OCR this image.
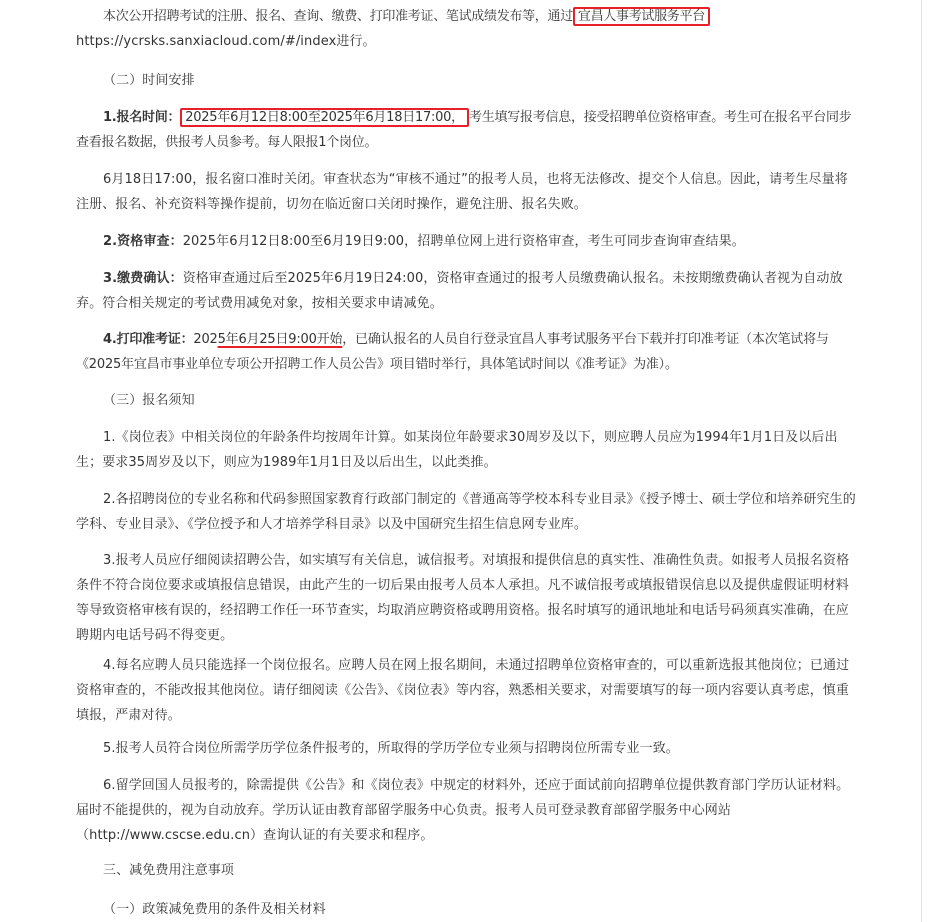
本次公开招聘考试的注册、报名、查询、缴费、打印准考证、笔试成绩发布等，通过 宜昌人事考试服务平台

https://ycrsks.sanxiacloud.com/#/index进行。

（二）时间安排

1.报名时间： 2025年6月12日8:00至2025年6月18日17:00， 考生填写报考信息，接受招聘单位资格审查。考生可在报名平台同步查看报名数据，供报考人员参考。每人限报1个岗位。

6月18日17:00，报名窗口准时关闭。审查状态为“审核不通过”的报考人员，也将无法修改、提交个人信息。因此，请考生尽量将注册、报名、补充资料等操作提前，切勿在临近窗口关闭时操作，避免注册、报名失败。

2.资格审查：2025年6月12日8:00至6月19日9:00，招聘单位网上进行资格审查，考生可同步查询审查结果。

3.缴费确认：资格审查通过后至2025年6月19日24:00，资格审查通过的报考人员缴费确认报名。未按期缴费确认者视为自动放弃。符合相关规定的考试费用减免对象，按相关要求申请减免。

4.打印准考证：2025年6月25日9:00开始，已确认报名的人员自行登录宜昌人事考试服务平台下载并打印准考证（本次笔试将与《2025年宜昌市事业单位专项公开招聘工作人员公告》项目错时举行，具体笔试时间以《准考证》为准）。

（三）报名须知

1.《岗位表》中相关岗位的年龄条件均按周年计算。如某岗位年龄要求30周岁及以下，则应聘人员应为1994年1月1日及以后出生；要求35周岁及以下，则应为1989年1月1日及以后出生，以此类推。

2.各招聘岗位的专业名称和代码参照国家教育行政部门制定的《普通高等学校本科专业目录》《授予博士、硕士学位和培养研究生的学科、专业目录》、《学位授予和人才培养学科目录》以及中国研究生招生信息网专业库。

3.报考人员应仔细阅读招聘公告，如实填写有关信息，诚信报考。对填报和提供信息的真实性、准确性负责。如报考人员报名资格条件不符合岗位要求或填报信息错误，由此产生的一切后果由报考人员本人承担。凡不诚信报考或填报错误信息以及提供虚假证明材料等导致资格审核有误的，经招聘工作任一环节查实，均取消应聘资格或聘用资格。报名时填写的通讯地址和电话号码须真实准确，在应聘期内电话号码不得变更。

4.每名应聘人员只能选择一个岗位报名。应聘人员在网上报名期间，未通过招聘单位资格审查的，可以重新选报其他岗位；已通过资格审查的，不能改报其他岗位。请仔细阅读《公告》、《岗位表》等内容，熟悉相关要求，对需要填写的每一项内容要认真考虑，慎重填报，严肃对待。

5.报考人员符合岗位所需学历学位条件报考的，所取得的学历学位专业须与招聘岗位所需专业一致。

6.留学回国人员报考的，除需提供《公告》和《岗位表》中规定的材料外，还应于面试前向招聘单位提供教育部门学历认证材料。届时不能提供的，视为自动放弃。学历认证由教育部留学服务中心负责。报考人员可登录教育部留学服务中心网站

（http://www.cscse.edu.cn）查询认证的有关要求和程序。

三、减免费用注意事项

（一）政策减免费用的条件及相关材料
